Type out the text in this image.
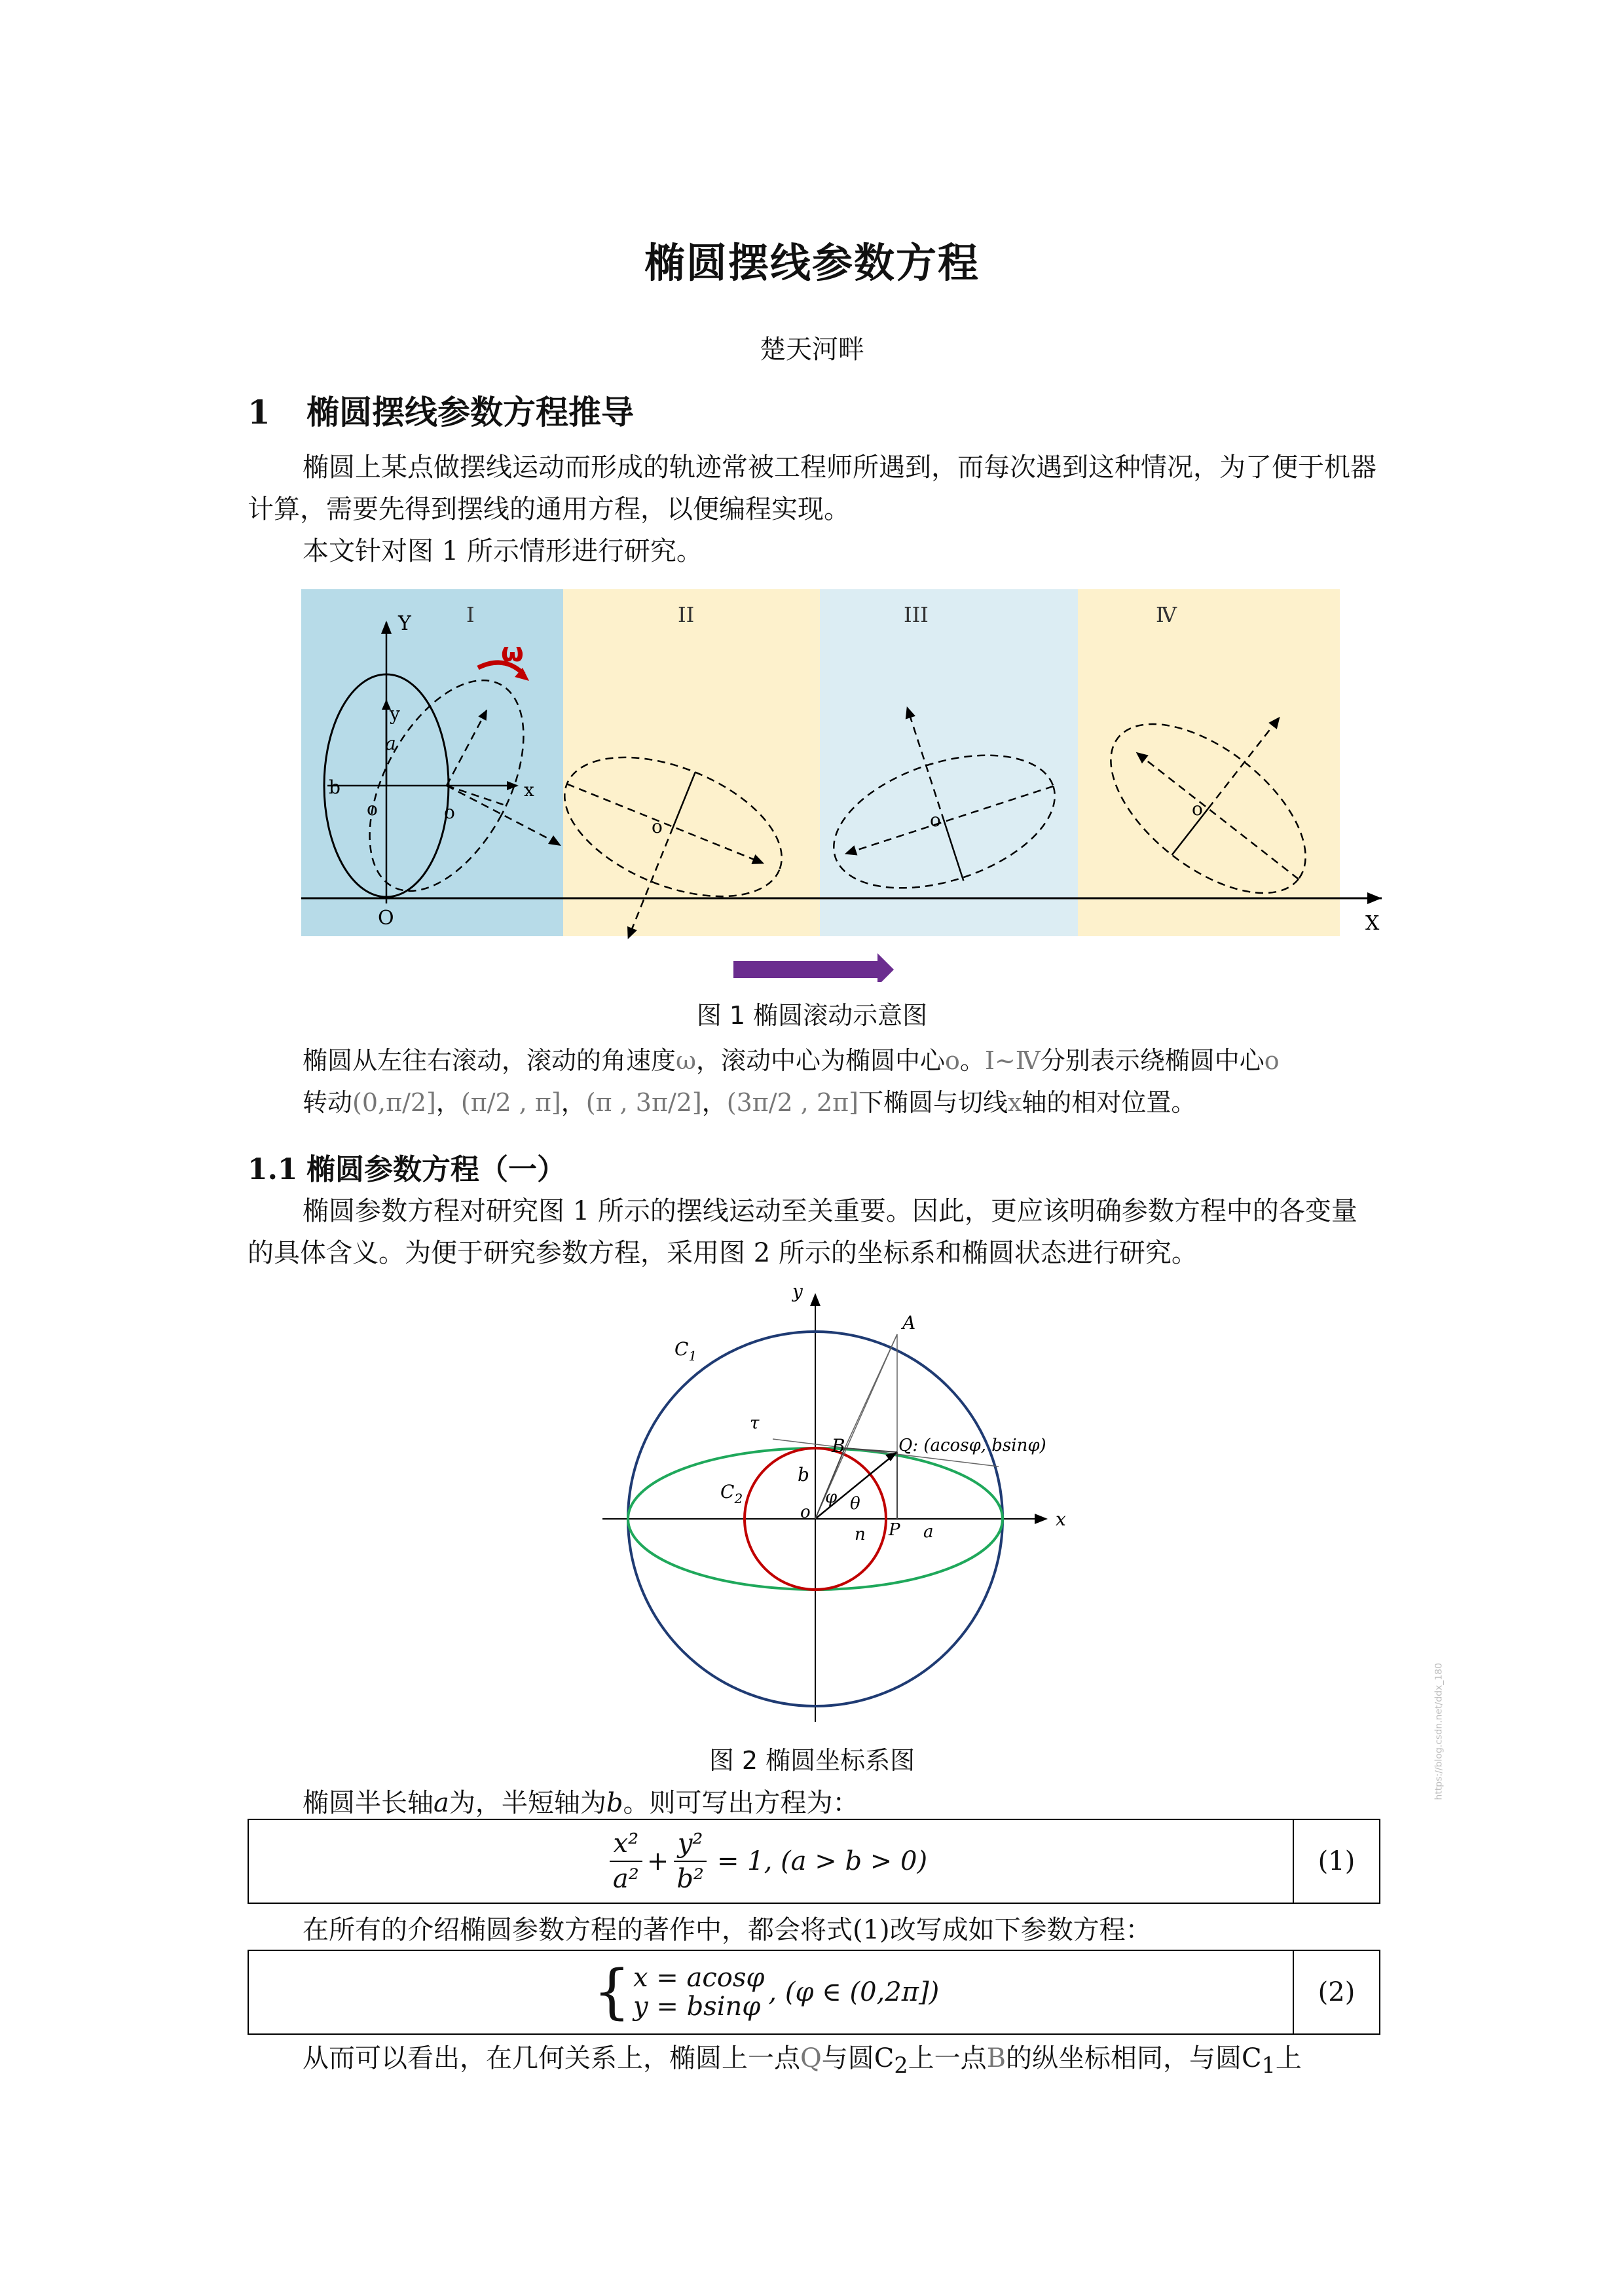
椭圆摆线参数方程
楚天河畔
1 椭圆摆线参数方程推导
椭圆上某点做摆线运动而形成的轨迹常被工程师所遇到，而每次遇到这种情况，为了便于机器计算，需要先得到摆线的通用方程，以便编程实现。
本文针对图 1 所示情形进行研究。
I	II	III	Ⅳ
X
O
Y
y
a
x
b
o	o
ω
o	o
o
图 1 椭圆滚动示意图
椭圆从左往右滚动，滚动的角速度ω，滚动中心为椭圆中心o。Ⅰ~Ⅳ分别表示绕椭圆中心o
转动(0,π/2]，(π/2 , π]，(π , 3π/2]，(3π/2 , 2π]下椭圆与切线x轴的相对位置。
1.1 椭圆参数方程（一）
椭圆参数方程对研究图 1 所示的摆线运动至关重要。因此，更应该明确参数方程中的各变量的具体含义。为便于研究参数方程，采用图 2 所示的坐标系和椭圆状态进行研究。
x
y
A
$C_1$
τ
B	Q: (acosφ, bsinφ)
$C_2$
b
φ θ
o
n P a
https://blog.csdn.net/ddx_180
图 2 椭圆坐标系图
椭圆半长轴a为，半短轴为b。则可写出方程为：
$\frac{\text{x²}}{\text{a²}} + \frac{\text{y²}}{\text{b²}} = 1$, (a > b > 0)	(1)
在所有的介绍椭圆参数方程的著作中，都会将式(1)改写成如下参数方程：
{ x = acosφ
y = bsinφ , (φ ∈ (0,2π])	(2)
从而可以看出，在几何关系上，椭圆上一点Q与圆$C_2$上一点B的纵坐标相同，与圆$C_1$上
